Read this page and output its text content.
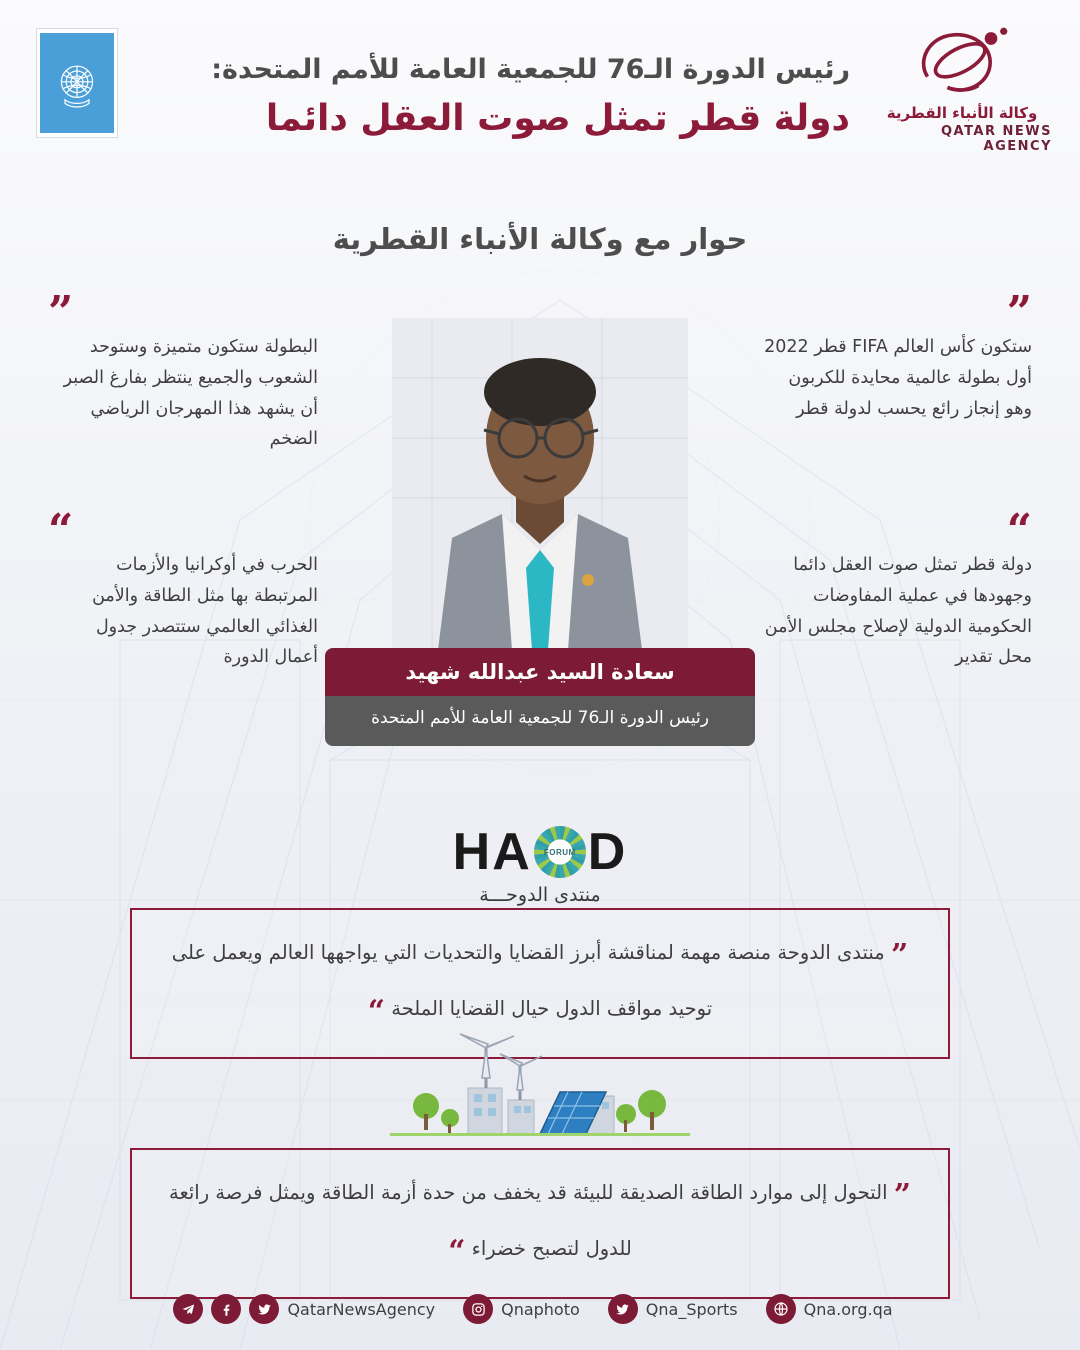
رئيس الدورة الـ76 للجمعية العامة للأمم المتحدة:
دولة قطر تمثل صوت العقل دائما وكالة الأنباء القطرية
QATAR NEWS AGENCY
حوار مع وكالة الأنباء القطرية
سعادة السيد عبدالله شهيد
رئيس الدورة الـ76 للجمعية العامة للأمم المتحدة
”
ستكون كأس العالم FIFA قطر 2022 أول بطولة عالمية محايدة للكربون وهو إنجاز رائع يحسب لدولة قطر
“
دولة قطر تمثل صوت العقل دائما وجهودها في عملية المفاوضات الحكومية الدولية لإصلاح مجلس الأمن محل تقدير
”
البطولة ستكون متميزة وستوحد الشعوب والجميع ينتظر بفارغ الصبر أن يشهد هذا المهرجان الرياضي الضخم
“
الحرب في أوكرانيا والأزمات المرتبطة بها مثل الطاقة والأمن الغذائي العالمي ستتصدر جدول أعمال الدورة
D
FORUM
HA
منتدى الدوحـــة
” منتدى الدوحة منصة مهمة لمناقشة أبرز القضايا والتحديات التي يواجهها العالم ويعمل على توحيد مواقف الدول حيال القضايا الملحة “
” التحول إلى موارد الطاقة الصديقة للبيئة قد يخفف من حدة أزمة الطاقة ويمثل فرصة رائعة للدول لتصبح خضراء “
QatarNewsAgency	Qnaphoto	Qna_Sports	Qna.org.qa
